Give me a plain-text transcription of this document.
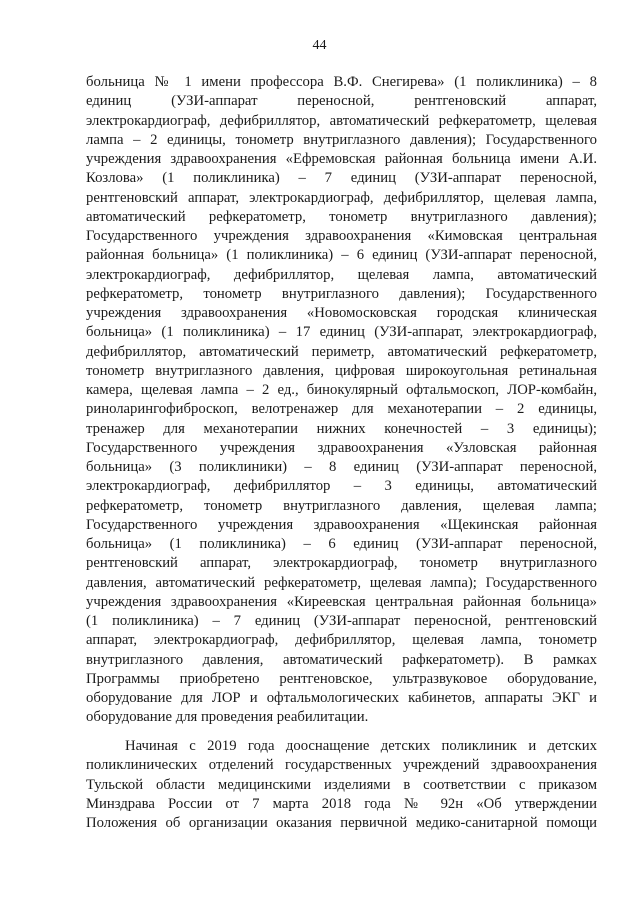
44
больница № 1 имени профессора В.Ф. Снегирева» (1 поликлиника) – 8
единиц (УЗИ-аппарат переносной, рентгеновский аппарат,
электрокардиограф, дефибриллятор, автоматический рефкератометр, щелевая
лампа – 2 единицы, тонометр внутриглазного давления); Государственного
учреждения здравоохранения «Ефремовская районная больница имени А.И.
Козлова» (1 поликлиника) – 7 единиц (УЗИ-аппарат переносной,
рентгеновский аппарат, электрокардиограф, дефибриллятор, щелевая лампа,
автоматический рефкератометр, тонометр внутриглазного давления);
Государственного учреждения здравоохранения «Кимовская центральная
районная больница» (1 поликлиника) – 6 единиц (УЗИ-аппарат переносной,
электрокардиограф, дефибриллятор, щелевая лампа, автоматический
рефкератометр, тонометр внутриглазного давления); Государственного
учреждения здравоохранения «Новомосковская городская клиническая
больница» (1 поликлиника) – 17 единиц (УЗИ-аппарат, электрокардиограф,
дефибриллятор, автоматический периметр, автоматический рефкератометр,
тонометр внутриглазного давления, цифровая широкоугольная ретинальная
камера, щелевая лампа – 2 ед., бинокулярный офтальмоскоп, ЛОР-комбайн,
риноларингофиброскоп, велотренажер для механотерапии – 2 единицы,
тренажер для механотерапии нижних конечностей – 3 единицы);
Государственного учреждения здравоохранения «Узловская районная
больница» (3 поликлиники) – 8 единиц (УЗИ-аппарат переносной,
электрокардиограф, дефибриллятор – 3 единицы, автоматический
рефкератометр, тонометр внутриглазного давления, щелевая лампа;
Государственного учреждения здравоохранения «Щекинская районная
больница» (1 поликлиника) – 6 единиц (УЗИ-аппарат переносной,
рентгеновский аппарат, электрокардиограф, тонометр внутриглазного
давления, автоматический рефкератометр, щелевая лампа); Государственного
учреждения здравоохранения «Киреевская центральная районная больница»
(1 поликлиника) – 7 единиц (УЗИ-аппарат переносной, рентгеновский
аппарат, электрокардиограф, дефибриллятор, щелевая лампа, тонометр
внутриглазного давления, автоматический рафкератометр). В рамках
Программы приобретено рентгеновское, ультразвуковое оборудование,
оборудование для ЛОР и офтальмологических кабинетов, аппараты ЭКГ и
оборудование для проведения реабилитации.
Начиная с 2019 года дооснащение детских поликлиник и детских
поликлинических отделений государственных учреждений здравоохранения
Тульской области медицинскими изделиями в соответствии с приказом
Минздрава России от 7 марта 2018 года № 92н «Об утверждении
Положения об организации оказания первичной медико-санитарной помощи
